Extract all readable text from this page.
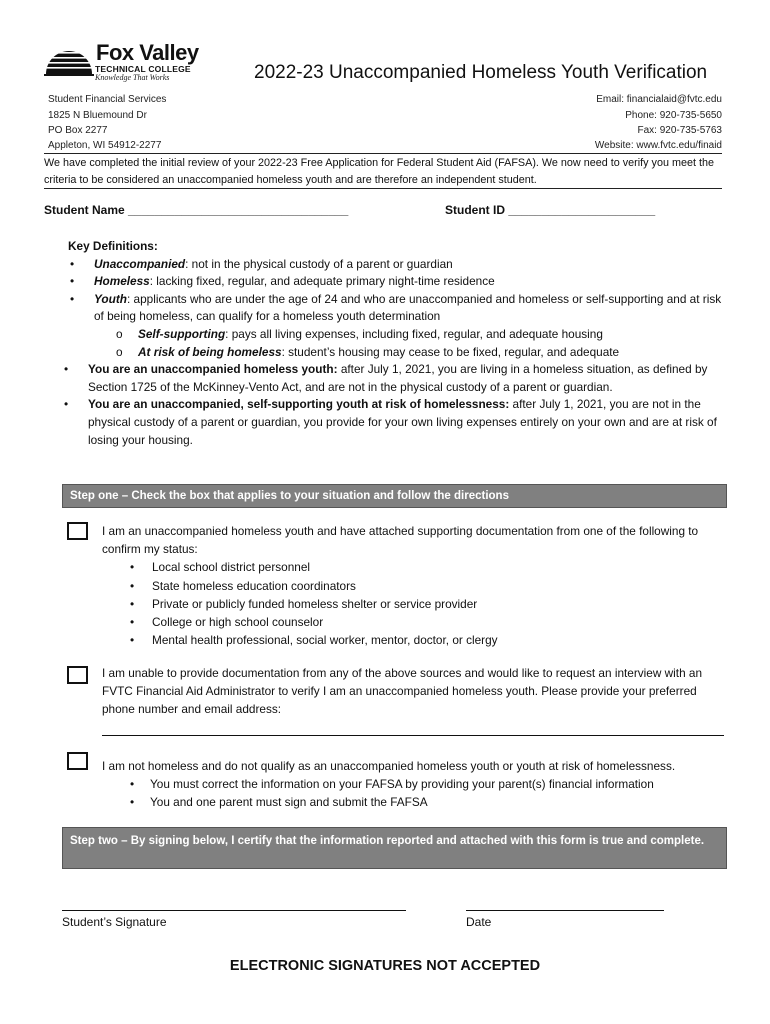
Fox Valley
TECHNICAL COLLEGE
Knowledge That Works	2022-23 Unaccompanied Homeless Youth Verification
Student Financial Services
1825 N Bluemound Dr
PO Box 2277
Appleton, WI 54912-2277
Email: financialaid@fvtc.edu
Phone: 920-735-5650
Fax: 920-735-5763
Website: www.fvtc.edu/finaid
We have completed the initial review of your 2022-23 Free Application for Federal Student Aid (FAFSA). We now need to verify you meet the criteria to be considered an unaccompanied homeless youth and are therefore an independent student.
Student Name _________________________________	Student ID ______________________
Key Definitions:
• Unaccompanied: not in the physical custody of a parent or guardian
• Homeless: lacking fixed, regular, and adequate primary night-time residence
• Youth: applicants who are under the age of 24 and who are unaccompanied and homeless or self-supporting and at risk of being homeless, can qualify for a homeless youth determination
o Self-supporting: pays all living expenses, including fixed, regular, and adequate housing
o At risk of being homeless: student’s housing may cease to be fixed, regular, and adequate
• You are an unaccompanied homeless youth: after July 1, 2021, you are living in a homeless situation, as defined by Section 1725 of the McKinney-Vento Act, and are not in the physical custody of a parent or guardian.
• You are an unaccompanied, self-supporting youth at risk of homelessness: after July 1, 2021, you are not in the physical custody of a parent or guardian, you provide for your own living expenses entirely on your own and are at risk of losing your housing.
Step one – Check the box that applies to your situation and follow the directions
I am an unaccompanied homeless youth and have attached supporting documentation from one of the following to confirm my status:
• Local school district personnel
• State homeless education coordinators
• Private or publicly funded homeless shelter or service provider
• College or high school counselor
• Mental health professional, social worker, mentor, doctor, or clergy
I am unable to provide documentation from any of the above sources and would like to request an interview with an FVTC Financial Aid Administrator to verify I am an unaccompanied homeless youth. Please provide your preferred phone number and email address:
I am not homeless and do not qualify as an unaccompanied homeless youth or youth at risk of homelessness.
• You must correct the information on your FAFSA by providing your parent(s) financial information
• You and one parent must sign and submit the FAFSA
Step two – By signing below, I certify that the information reported and attached with this form is true and complete.
Student’s Signature	Date
ELECTRONIC SIGNATURES NOT ACCEPTED
